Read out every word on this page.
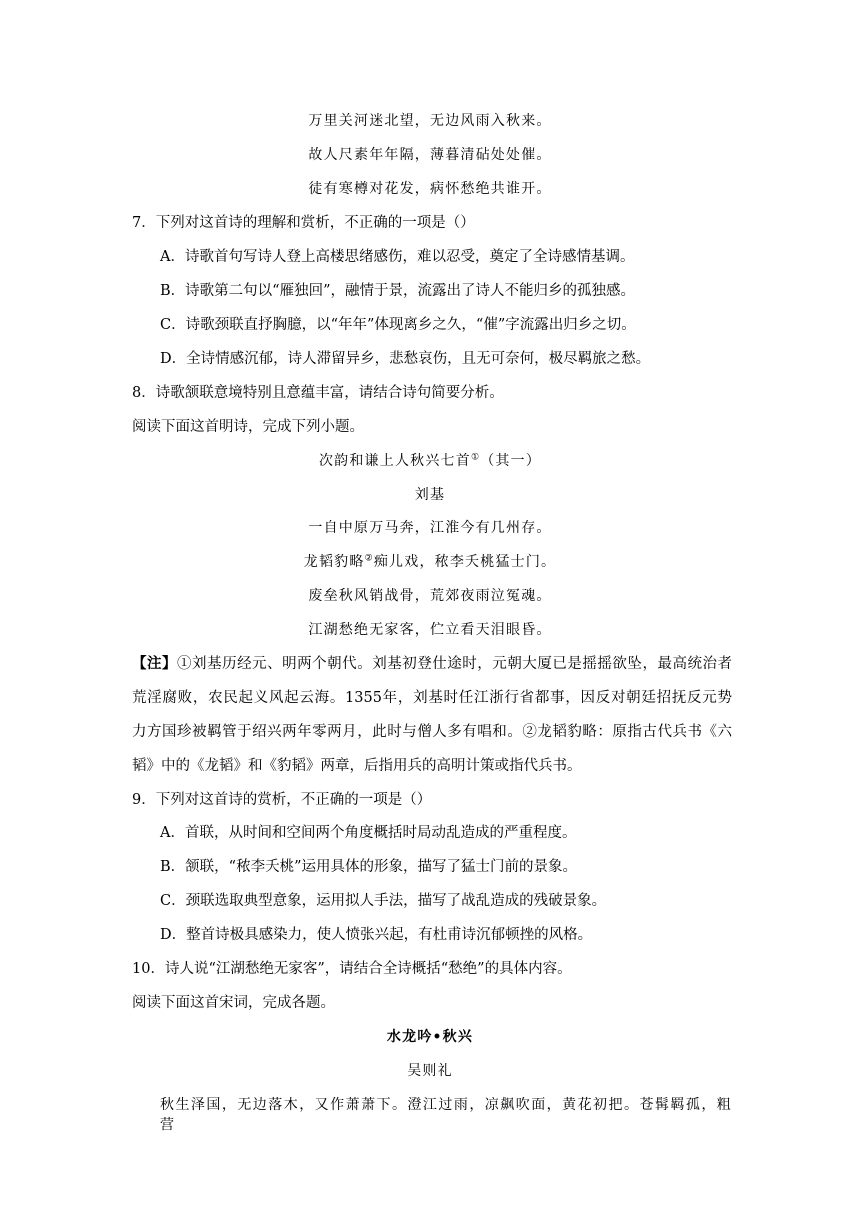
万里关河迷北望，无边风雨入秋来。
故人尺素年年隔，薄暮清砧处处催。
徒有寒樽对花发，病怀愁绝共谁开。
7．下列对这首诗的理解和赏析，不正确的一项是（）
A．诗歌首句写诗人登上高楼思绪感伤，难以忍受，奠定了全诗感情基调。
B．诗歌第二句以“雁独回”，融情于景，流露出了诗人不能归乡的孤独感。
C．诗歌颈联直抒胸臆，以“年年”体现离乡之久，“催”字流露出归乡之切。
D．全诗情感沉郁，诗人滞留异乡，悲愁哀伤，且无可奈何，极尽羁旅之愁。
8．诗歌颔联意境特别且意蕴丰富，请结合诗句简要分析。
阅读下面这首明诗，完成下列小题。
次韵和谦上人秋兴七首①（其一）
刘基
一自中原万马奔，江淮今有几州存。
龙韬豹略②痴儿戏，秾李夭桃猛士门。
废垒秋风销战骨，荒郊夜雨泣冤魂。
江湖愁绝无家客，伫立看天泪眼昏。
【注】①刘基历经元、明两个朝代。刘基初登仕途时，元朝大厦已是摇摇欲坠，最高统治者
荒淫腐败，农民起义风起云海。1355年，刘基时任江浙行省都事，因反对朝廷招抚反元势
力方国珍被羁管于绍兴两年零两月，此时与僧人多有唱和。②龙韬豹略：原指古代兵书《六
韬》中的《龙韬》和《豹韬》两章，后指用兵的高明计策或指代兵书。
9．下列对这首诗的赏析，不正确的一项是（）
A．首联，从时间和空间两个角度概括时局动乱造成的严重程度。
B．颔联，“秾李夭桃”运用具体的形象，描写了猛士门前的景象。
C．颈联选取典型意象，运用拟人手法，描写了战乱造成的残破景象。
D．整首诗极具感染力，使人愤张兴起，有杜甫诗沉郁顿挫的风格。
10．诗人说“江湖愁绝无家客”，请结合全诗概括“愁绝”的具体内容。
阅读下面这首宋词，完成各题。
水龙吟•秋兴
吴则礼
秋生泽国，无边落木，又作萧萧下。澄江过雨，凉飙吹面，黄花初把。苍髯羁孤，粗营
